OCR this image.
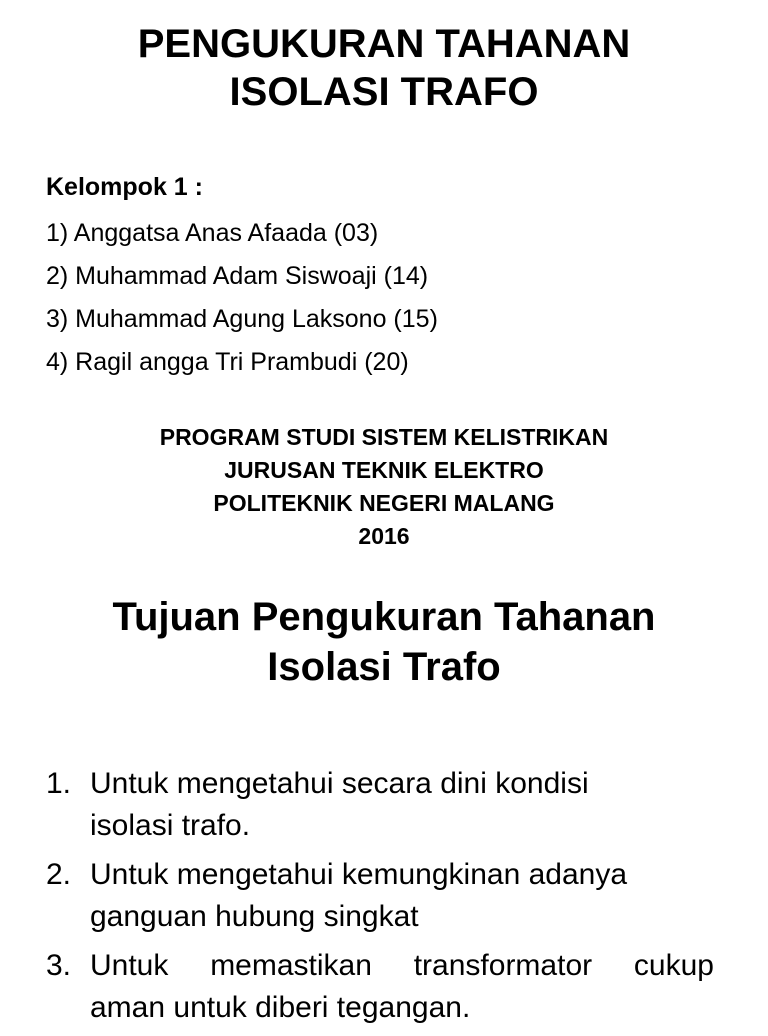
PENGUKURAN TAHANAN
ISOLASI TRAFO

Kelompok 1 :

1) Anggatsa Anas Afaada (03)
2) Muhammad Adam Siswoaji (14)
3) Muhammad Agung Laksono (15)
4) Ragil angga Tri Prambudi (20)
PROGRAM STUDI SISTEM KELISTRIKAN
JURUSAN TEKNIK ELEKTRO
POLITEKNIK NEGERI MALANG
2016
Tujuan Pengukuran Tahanan
Isolasi Trafo
1. Untuk mengetahui secara dini kondisi
isolasi trafo.
2. Untuk mengetahui kemungkinan adanya
ganguan hubung singkat
3. Untuk memastikan transformator cukup
aman untuk diberi tegangan.
